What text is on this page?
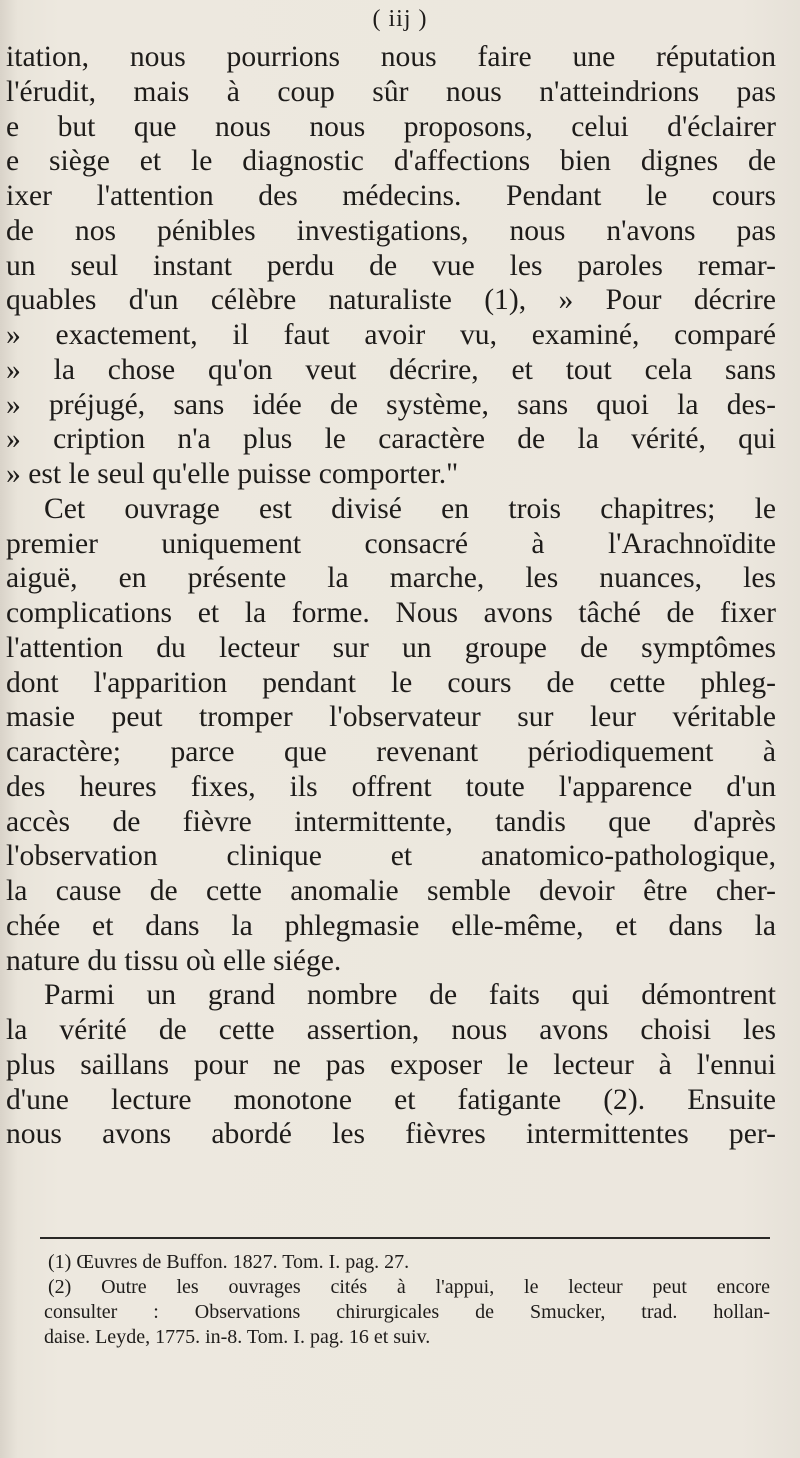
( iij )
itation, nous pourrions nous faire une réputation
l'érudit, mais à coup sûr nous n'atteindrions pas
e but que nous nous proposons, celui d'éclairer
e siège et le diagnostic d'affections bien dignes de
ixer l'attention des médecins. Pendant le cours
de nos pénibles investigations, nous n'avons pas
un seul instant perdu de vue les paroles remar-
quables d'un célèbre naturaliste (1), » Pour décrire
» exactement, il faut avoir vu, examiné, comparé
» la chose qu'on veut décrire, et tout cela sans
» préjugé, sans idée de système, sans quoi la des-
» cription n'a plus le caractère de la vérité, qui
» est le seul qu'elle puisse comporter."
Cet ouvrage est divisé en trois chapitres; le
premier uniquement consacré à l'Arachnoïdite
aiguë, en présente la marche, les nuances, les
complications et la forme. Nous avons tâché de fixer
l'attention du lecteur sur un groupe de symptômes
dont l'apparition pendant le cours de cette phleg-
masie peut tromper l'observateur sur leur véritable
caractère; parce que revenant périodiquement à
des heures fixes, ils offrent toute l'apparence d'un
accès de fièvre intermittente, tandis que d'après
l'observation clinique et anatomico-pathologique,
la cause de cette anomalie semble devoir être cher-
chée et dans la phlegmasie elle-même, et dans la
nature du tissu où elle siége.
Parmi un grand nombre de faits qui démontrent
la vérité de cette assertion, nous avons choisi les
plus saillans pour ne pas exposer le lecteur à l'ennui
d'une lecture monotone et fatigante (2). Ensuite
nous avons abordé les fièvres intermittentes per-
(1) Œuvres de Buffon. 1827. Tom. I. pag. 27.
(2) Outre les ouvrages cités à l'appui, le lecteur peut encore
consulter : Observations chirurgicales de Smucker, trad. hollan-
daise. Leyde, 1775. in-8. Tom. I. pag. 16 et suiv.
